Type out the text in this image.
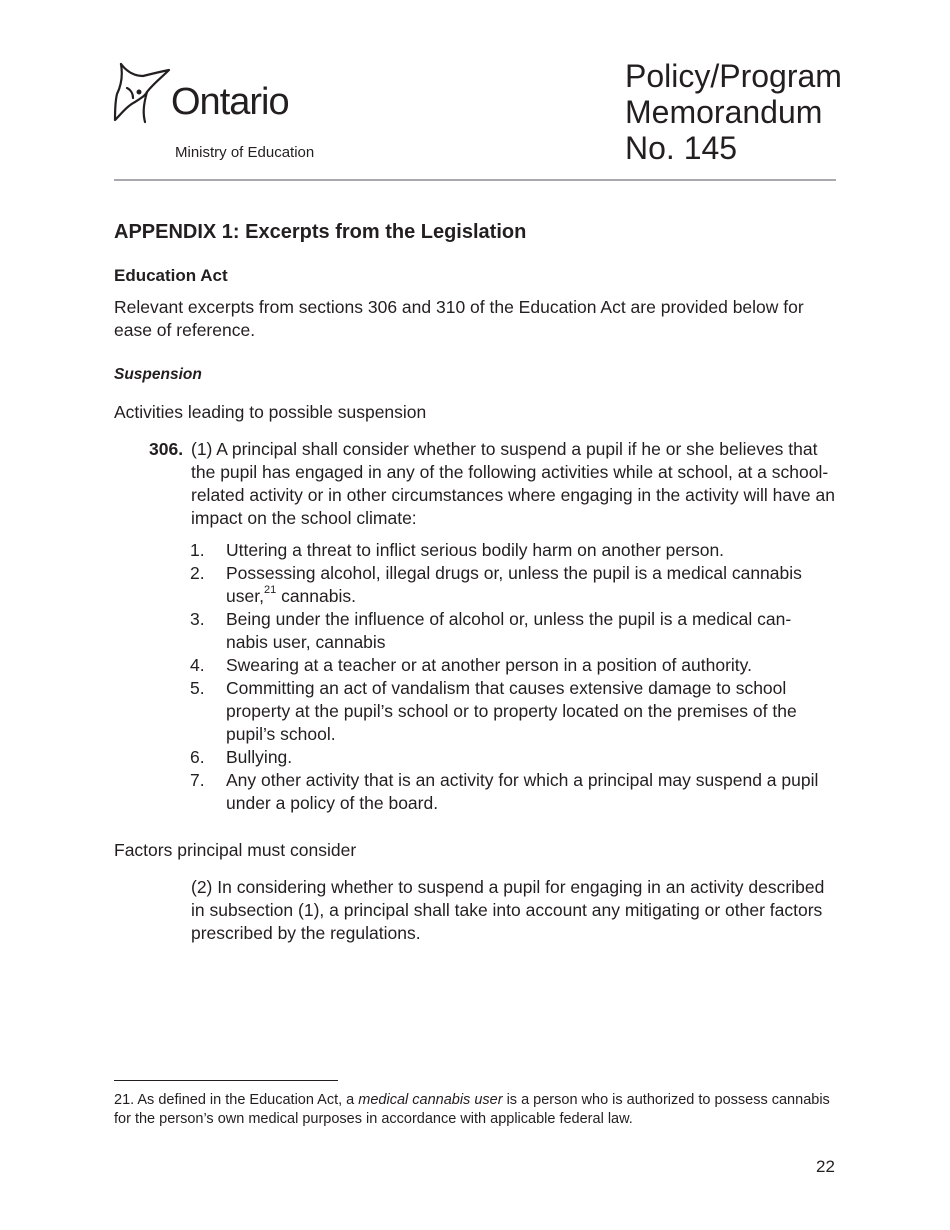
Ontario
Ministry of Education
Policy/Program
Memorandum
No. 145
APPENDIX 1: Excerpts from the Legislation
Education Act
Relevant excerpts from sections 306 and 310 of the Education Act are provided below for ease of reference.
Suspension
Activities leading to possible suspension
306. (1) A principal shall consider whether to suspend a pupil if he or she believes that the pupil has engaged in any of the following activities while at school, at a school-related activity or in other circumstances where engaging in the activity will have an impact on the school climate:
1. Uttering a threat to inflict serious bodily harm on another person.
2. Possessing alcohol, illegal drugs or, unless the pupil is a medical cannabis user,$^{21}$ cannabis.
3. Being under the influence of alcohol or, unless the pupil is a medical can-
nabis user, cannabis
4. Swearing at a teacher or at another person in a position of authority.
5. Committing an act of vandalism that causes extensive damage to school property at the pupil’s school or to property located on the premises of the pupil’s school.
6. Bullying.
7. Any other activity that is an activity for which a principal may suspend a pupil under a policy of the board.
Factors principal must consider
(2) In considering whether to suspend a pupil for engaging in an activity described in subsection (1), a principal shall take into account any mitigating or other factors prescribed by the regulations.
21. As defined in the Education Act, a medical cannabis user is a person who is authorized to possess cannabis for the person’s own medical purposes in accordance with applicable federal law.
22
